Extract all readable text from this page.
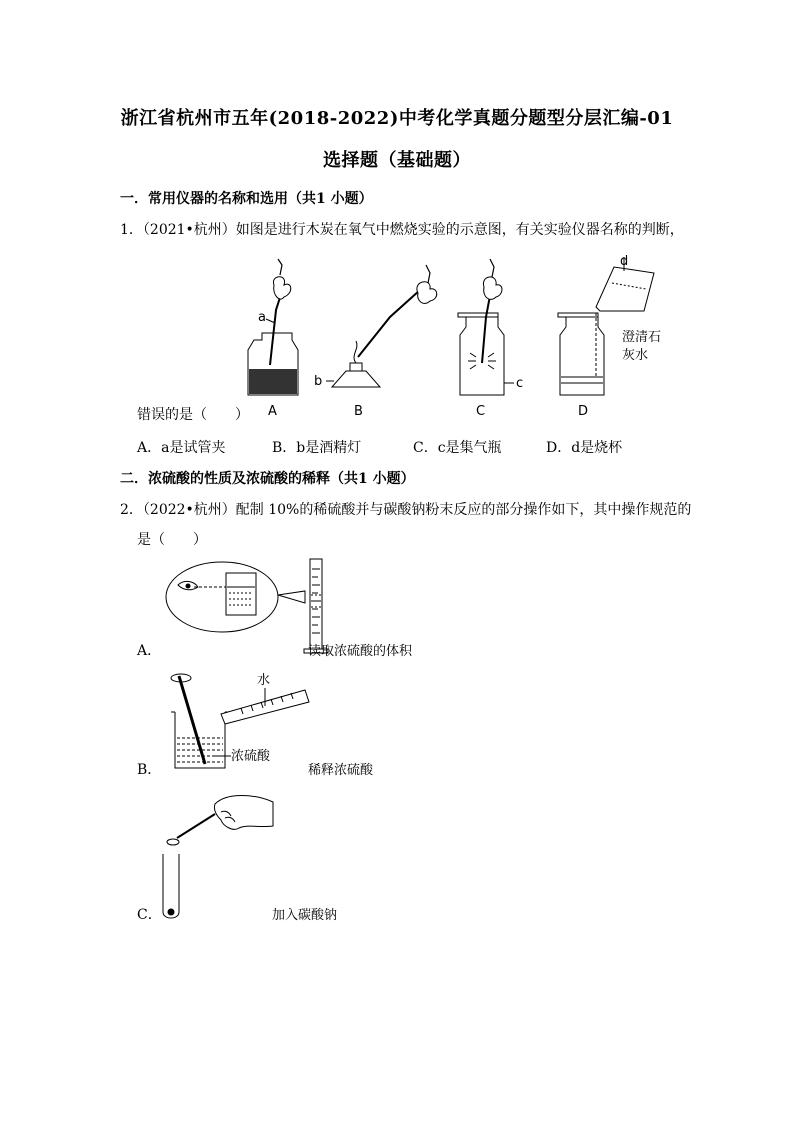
浙江省杭州市五年(2018-2022)中考化学真题分题型分层汇编-01
选择题（基础题）
一．常用仪器的名称和选用（共1 小题）
1．（2021•杭州）如图是进行木炭在氧气中燃烧实验的示意图，有关实验仪器名称的判断，
a
b	c
d
澄清石
灰水
A	B	C	D
错误的是（　　）
A．a是试管夹	B．b是酒精灯	C．c是集气瓶	D．d是烧杯
二．浓硫酸的性质及浓硫酸的稀释（共1 小题）
2．（2022•杭州）配制 10%的稀硫酸并与碳酸钠粉末反应的部分操作如下，其中操作规范的
是（　　）
A．	读取浓硫酸的体积
水
浓硫酸
B．	稀释浓硫酸
C．	加入碳酸钠
